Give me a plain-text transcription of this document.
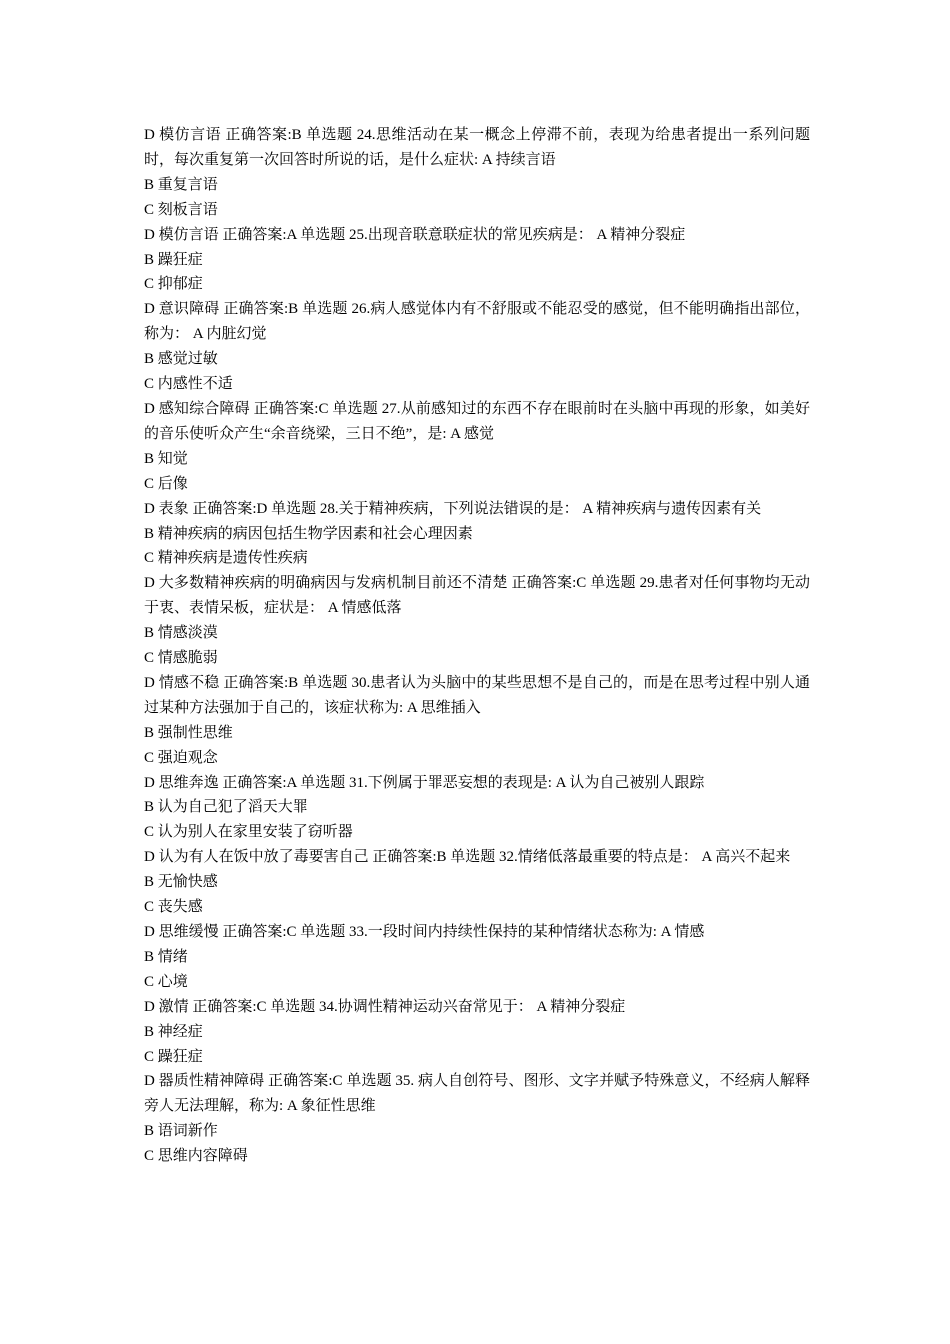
D 模仿言语 正确答案:B 单选题 24.思维活动在某一概念上停滞不前，表现为给患者提出一系列问题时，每次重复第一次回答时所说的话，是什么症状: A 持续言语

B 重复言语

C 刻板言语

D 模仿言语 正确答案:A 单选题 25.出现音联意联症状的常见疾病是： A 精神分裂症

B 躁狂症

C 抑郁症

D 意识障碍 正确答案:B 单选题 26.病人感觉体内有不舒服或不能忍受的感觉，但不能明确指出部位，称为： A 内脏幻觉

B 感觉过敏

C 内感性不适

D 感知综合障碍 正确答案:C 单选题 27.从前感知过的东西不存在眼前时在头脑中再现的形象，如美好的音乐使听众产生“余音绕梁，三日不绝”，是: A 感觉

B 知觉

C 后像

D 表象 正确答案:D 单选题 28.关于精神疾病，下列说法错误的是： A 精神疾病与遗传因素有关

B 精神疾病的病因包括生物学因素和社会心理因素

C 精神疾病是遗传性疾病

D 大多数精神疾病的明确病因与发病机制目前还不清楚 正确答案:C 单选题 29.患者对任何事物均无动于衷、表情呆板，症状是： A 情感低落

B 情感淡漠

C 情感脆弱

D 情感不稳 正确答案:B 单选题 30.患者认为头脑中的某些思想不是自己的，而是在思考过程中别人通过某种方法强加于自己的，该症状称为: A 思维插入

B 强制性思维

C 强迫观念

D 思维奔逸 正确答案:A 单选题 31.下例属于罪恶妄想的表现是: A 认为自己被别人跟踪

B 认为自己犯了滔天大罪

C 认为别人在家里安装了窃听器

D 认为有人在饭中放了毒要害自己 正确答案:B 单选题 32.情绪低落最重要的特点是： A 高兴不起来

B 无愉快感

C 丧失感

D 思维缓慢 正确答案:C 单选题 33.一段时间内持续性保持的某种情绪状态称为: A 情感

B 情绪

C 心境

D 激情 正确答案:C 单选题 34.协调性精神运动兴奋常见于： A 精神分裂症

B 神经症

C 躁狂症

D 器质性精神障碍 正确答案:C 单选题 35. 病人自创符号、图形、文字并赋予特殊意义，不经病人解释旁人无法理解，称为: A 象征性思维

B 语词新作

C 思维内容障碍
